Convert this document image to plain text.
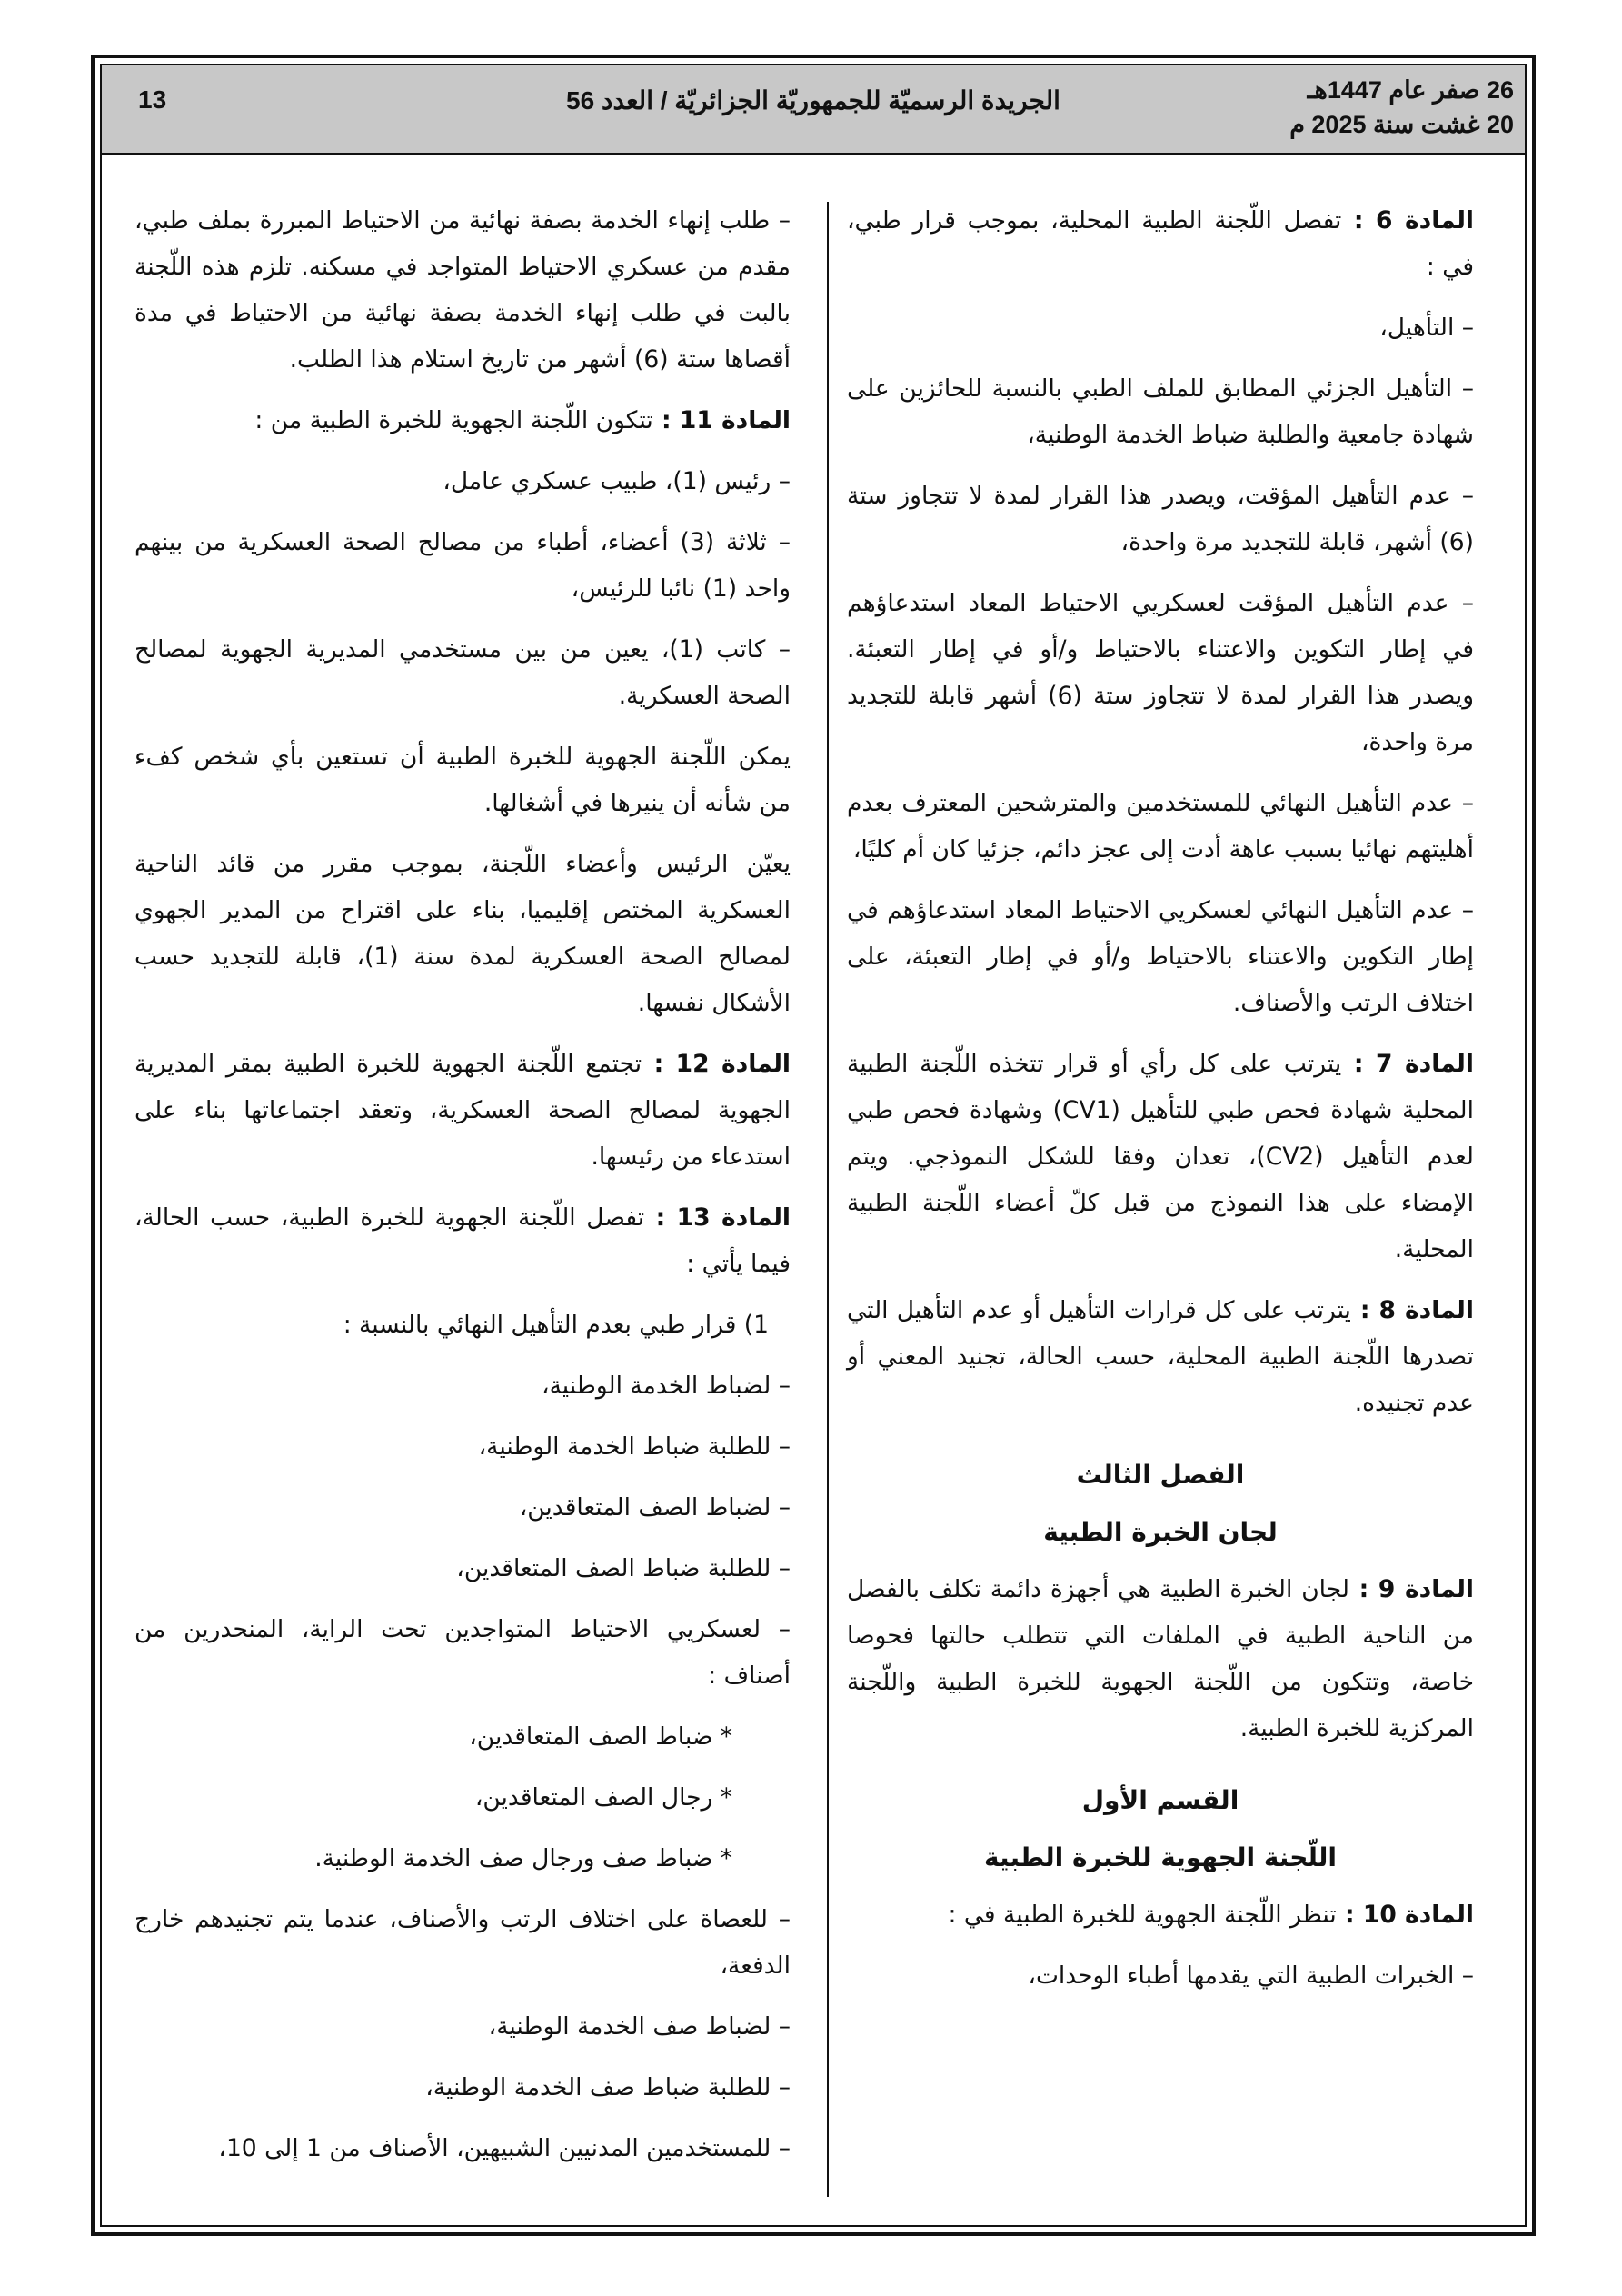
26 صفر عام 1447هـ
20 غشت سنة 2025 م
الجريدة الرسميّة للجمهوريّة الجزائريّة / العدد 56
13

المادة 6 : تفصل اللّجنة الطبية المحلية، بموجب قرار طبي، في :

– التأهيل،

– التأهيل الجزئي المطابق للملف الطبي بالنسبة للحائزين على شهادة جامعية والطلبة ضباط الخدمة الوطنية،

– عدم التأهيل المؤقت، ويصدر هذا القرار لمدة لا تتجاوز ستة (6) أشهر، قابلة للتجديد مرة واحدة،

– عدم التأهيل المؤقت لعسكريي الاحتياط المعاد استدعاؤهم في إطار التكوين والاعتناء بالاحتياط و/أو في إطار التعبئة. ويصدر هذا القرار لمدة لا تتجاوز ستة (6) أشهر قابلة للتجديد مرة واحدة،

– عدم التأهيل النهائي للمستخدمين والمترشحين المعترف بعدم أهليتهم نهائيا بسبب عاهة أدت إلى عجز دائم، جزئيا كان أم كليًا،

– عدم التأهيل النهائي لعسكريي الاحتياط المعاد استدعاؤهم في إطار التكوين والاعتناء بالاحتياط و/أو في إطار التعبئة، على اختلاف الرتب والأصناف.

المادة 7 : يترتب على كل رأي أو قرار تتخذه اللّجنة الطبية المحلية شهادة فحص طبي للتأهيل (CV1) وشهادة فحص طبي لعدم التأهيل (CV2)، تعدان وفقا للشكل النموذجي. ويتم الإمضاء على هذا النموذج من قبل كلّ أعضاء اللّجنة الطبية المحلية.

المادة 8 : يترتب على كل قرارات التأهيل أو عدم التأهيل التي تصدرها اللّجنة الطبية المحلية، حسب الحالة، تجنيد المعني أو عدم تجنيده.

الفصل الثالث

لجان الخبرة الطبية

المادة 9 : لجان الخبرة الطبية هي أجهزة دائمة تكلف بالفصل من الناحية الطبية في الملفات التي تتطلب حالتها فحوصا خاصة، وتتكون من اللّجنة الجهوية للخبرة الطبية واللّجنة المركزية للخبرة الطبية.

القسم الأول

اللّجنة الجهوية للخبرة الطبية

المادة 10 : تنظر اللّجنة الجهوية للخبرة الطبية في :

– الخبرات الطبية التي يقدمها أطباء الوحدات،

– طلب إنهاء الخدمة بصفة نهائية من الاحتياط المبررة بملف طبي، مقدم من عسكري الاحتياط المتواجد في مسكنه. تلزم هذه اللّجنة بالبت في طلب إنهاء الخدمة بصفة نهائية من الاحتياط في مدة أقصاها ستة (6) أشهر من تاريخ استلام هذا الطلب.

المادة 11 : تتكون اللّجنة الجهوية للخبرة الطبية من :

– رئيس (1)، طبيب عسكري عامل،

– ثلاثة (3) أعضاء، أطباء من مصالح الصحة العسكرية من بينهم واحد (1) نائبا للرئيس،

– كاتب (1)، يعين من بين مستخدمي المديرية الجهوية لمصالح الصحة العسكرية.

يمكن اللّجنة الجهوية للخبرة الطبية أن تستعين بأي شخص كفء من شأنه أن ينيرها في أشغالها.

يعيّن الرئيس وأعضاء اللّجنة، بموجب مقرر من قائد الناحية العسكرية المختص إقليميا، بناء على اقتراح من المدير الجهوي لمصالح الصحة العسكرية لمدة سنة (1)، قابلة للتجديد حسب الأشكال نفسها.

المادة 12 : تجتمع اللّجنة الجهوية للخبرة الطبية بمقر المديرية الجهوية لمصالح الصحة العسكرية، وتعقد اجتماعاتها بناء على استدعاء من رئيسها.

المادة 13 : تفصل اللّجنة الجهوية للخبرة الطبية، حسب الحالة، فيما يأتي :

1) قرار طبي بعدم التأهيل النهائي بالنسبة :

– لضباط الخدمة الوطنية،

– للطلبة ضباط الخدمة الوطنية،

– لضباط الصف المتعاقدين،

– للطلبة ضباط الصف المتعاقدين،

– لعسكريي الاحتياط المتواجدين تحت الراية، المنحدرين من أصناف :

* ضباط الصف المتعاقدين،

* رجال الصف المتعاقدين،

* ضباط صف ورجال صف الخدمة الوطنية.

– للعصاة على اختلاف الرتب والأصناف، عندما يتم تجنيدهم خارج الدفعة،

– لضباط صف الخدمة الوطنية،

– للطلبة ضباط صف الخدمة الوطنية،

– للمستخدمين المدنيين الشبيهين، الأصناف من 1 إلى 10،
